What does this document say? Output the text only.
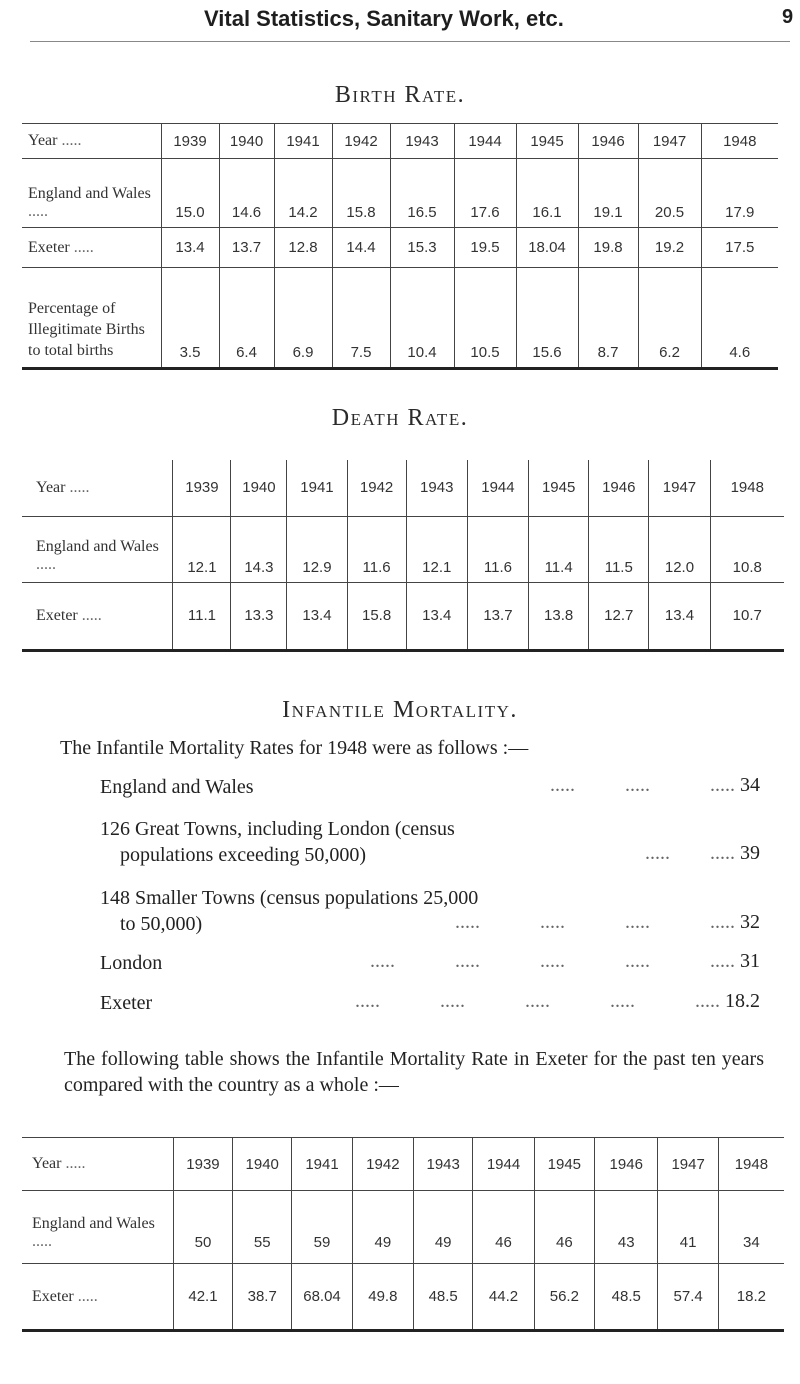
Vital Statistics, Sanitary Work, etc.	9
Birth Rate.
Year .....	1939	1940	1941	1942	1943	1944	1945	1946	1947	1948
England and Wales .....	15.0	14.6	14.2	15.8	16.5	17.6	16.1	19.1	20.5	17.9
Exeter .....	13.4	13.7	12.8	14.4	15.3	19.5	18.04	19.8	19.2	17.5
Percentage of Illegitimate Births to total births	3.5	6.4	6.9	7.5	10.4	10.5	15.6	8.7	6.2	4.6
Death Rate.
Year .....	1939	1940	1941	1942	1943	1944	1945	1946	1947	1948
England and Wales .....	12.1	14.3	12.9	11.6	12.1	11.6	11.4	11.5	12.0	10.8
Exeter .....	11.1	13.3	13.4	15.8	13.4	13.7	13.8	12.7	13.4	10.7
Infantile Mortality.
The Infantile Mortality Rates for 1948 were as follows :—
England and Wales	.....          .....	..... 34
126 Great Towns, including London (census
populations exceeding 50,000)	..... ..... 39
148 Smaller Towns (census populations 25,000
to 50,000)	.....	.....	.....	..... 32
London	.....	.....	.....	.....	..... 31
Exeter	.....	.....	.....	.....	..... 18.2
The following table shows the Infantile Mortality Rate in Exeter for the past ten years compared with the country as a whole :—
Year .....	1939	1940	1941	1942	1943	1944	1945	1946	1947	1948
England and Wales .....	50	55	59	49	49	46	46	43	41	34
Exeter .....	42.1	38.7	68.04	49.8	48.5	44.2	56.2	48.5	57.4	18.2
